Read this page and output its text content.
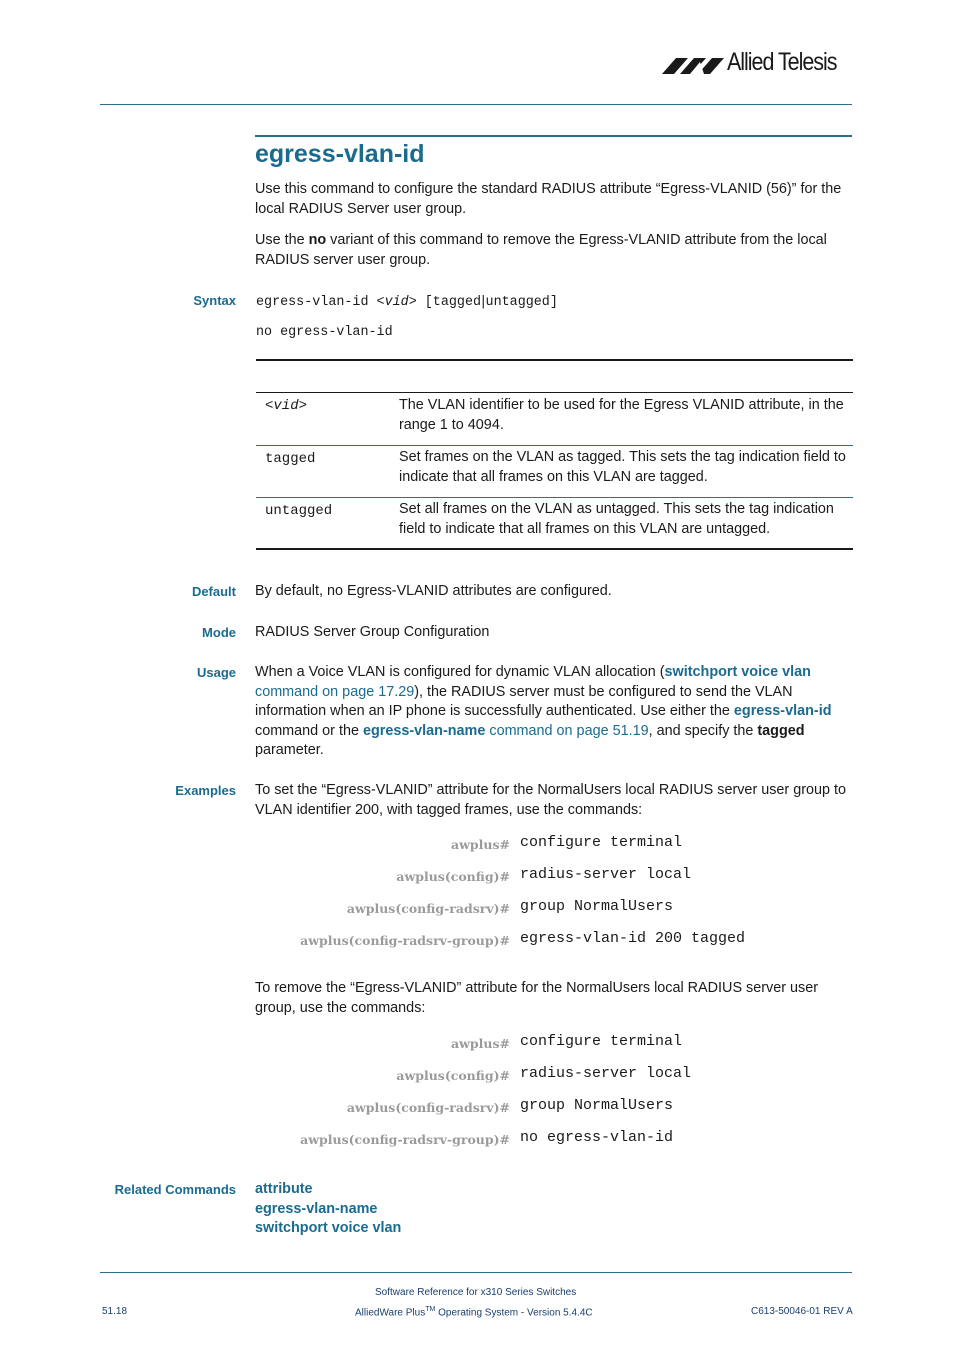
Allied Telesis
egress-vlan-id
Use this command to configure the standard RADIUS attribute “Egress-VLANID (56)” for the local RADIUS Server user group.
Use the no variant of this command to remove the Egress-VLANID attribute from the local RADIUS server user group.
Syntax egress-vlan-id <vid> [tagged|untagged]
no egress-vlan-id
<vid>	The VLAN identifier to be used for the Egress VLANID attribute, in the range 1 to 4094.
tagged	Set frames on the VLAN as tagged. This sets the tag indication field to indicate that all frames on this VLAN are tagged.
untagged	Set all frames on the VLAN as untagged. This sets the tag indication field to indicate that all frames on this VLAN are untagged.
Default By default, no Egress-VLANID attributes are configured.
Mode RADIUS Server Group Configuration
Usage When a Voice VLAN is configured for dynamic VLAN allocation (switchport voice vlan command on page 17.29), the RADIUS server must be configured to send the VLAN information when an IP phone is successfully authenticated. Use either the egress-vlan-id command or the egress-vlan-name command on page 51.19, and specify the tagged parameter.
Examples To set the “Egress-VLANID” attribute for the NormalUsers local RADIUS server user group to VLAN identifier 200, with tagged frames, use the commands:
awplus# configure terminal
awplus(config)# radius-server local
awplus(config-radsrv)# group NormalUsers
awplus(config-radsrv-group)# egress-vlan-id 200 tagged
To remove the “Egress-VLANID” attribute for the NormalUsers local RADIUS server user group, use the commands:
awplus# configure terminal
awplus(config)# radius-server local
awplus(config-radsrv)# group NormalUsers
awplus(config-radsrv-group)# no egress-vlan-id
Related Commands attribute
egress-vlan-name
switchport voice vlan
Software Reference for x310 Series Switches
51.18	AlliedWare Plus™ Operating System - Version 5.4.4C	C613-50046-01 REV A
